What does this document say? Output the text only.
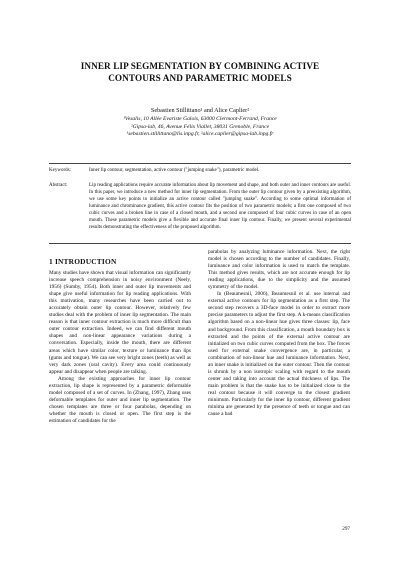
INNER LIP SEGMENTATION BY COMBINING ACTIVE
CONTOURS AND PARAMETRIC MODELS
Sebastien Stillittano¹ and Alice Caplier²
¹Vesalis, 10 Allée Evariste Galois, 63000 Clermont-Ferrand, France
²Gipsa-lab, 46, Avenue Félix Viallet, 38031 Grenoble, France
¹sebastien.stillittano@lis.inpg.fr, ²alice.caplier@gipsa-lab.inpg.fr
Keywords:	Inner lip contour, segmentation, active contour ("jumping snake"), parametric model.
Abstract:	Lip reading applications require accurate information about lip movement and shape, and both outer and inner contours are useful. In this paper, we introduce a new method for inner lip segmentation. From the outer lip contour given by a preexisting algorithm, we use some key points to initialize an active contour called "jumping snake". According to some optimal information of luminance and chrominance gradient, this active contour fits the position of two parametric models; a first one composed of two cubic curves and a broken line in case of a closed mouth, and a second one composed of four cubic curves in case of an open mouth. These parametric models give a flexible and accurate final inner lip contour. Finally, we present several experimental results demonstrating the effectiveness of the proposed algorithm.
1 INTRODUCTION

Many studies have shown that visual information can significantly increase speech comprehension in noisy environment (Neely, 1956) (Sumby, 1954). Both inner and outer lip movements and shape give useful information for lip reading applications. With this motivation, many researches have been carried out to accurately obtain outer lip contour. However, relatively few studies deal with the problem of inner lip segmentation. The main reason is that inner contour extraction is much more difficult than outer contour extraction. Indeed, we can find different mouth shapes and non-linear appearance variations during a conversation. Especially, inside the mouth, there are different areas which have similar color, texture or luminance than lips (gums and tongue). We can see very bright zones (teeth) as well as very dark zones (oral cavity). Every area could continuously appear and disappear when people are talking.

Among the existing approaches for inner lip contour extraction, lip shape is represented by a parametric deformable model composed of a set of curves. In (Zhang, 1997), Zhang uses deformable templates for outer and inner lip segmentation. The chosen templates are three or four parabolas, depending on whether the mouth is closed or open. The first step is the estimation of candidates for the

parabolas by analyzing luminance information. Next, the right model is chosen according to the number of candidates. Finally, luminance and color information is used to match the template. This method gives results, which are not accurate enough for lip reading applications, due to the simplicity and the assumed symmetry of the model.

In (Beaumesnil, 2006), Beaumesnil et al. use internal and external active contours for lip segmentation as a first step. The second step recovers a 3D-face model in order to extract more precise parameters to adjust the first step. A k-means classification algorithm based on a non-linear hue gives three classes: lip, face and background. From this classification, a mouth boundary box is extracted and the points of the external active contour are initialized on two cubic curves computed from the box. The forces used for external snake convergence are, in particular, a combination of non-linear hue and luminance information. Next, an inner snake is initialized on the outer contour. Then the contour is shrunk by a non isotropic scaling with regard to the mouth center and taking into account the actual thickness of lips. The main problem is that the snake has to be initialized close to the real contour because it will converge to the closest gradient minimum. Particularly for the inner lip contour, different gradient minima are generated by the presence of teeth or tongue and can cause a bad

297
